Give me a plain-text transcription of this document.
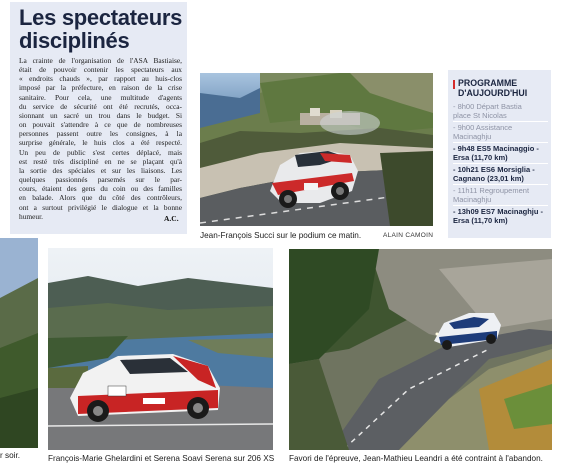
r soir.
Les spectateurs
disciplinés
La crainte de l'organisation de l'ASA Bastiaise,
était de pouvoir contenir les spectateurs aux
« endroits chauds », par rapport au huis-clos
imposé par la préfecture, en raison de la crise
sanitaire. Pour cela, une multitude d'agents
du service de sécurité ont été recrutés, occa-
sionnant un sacré un trou dans le budget. Si
on pouvait s'attendre à ce que de nombreuses
personnes passent outre les consignes, à la
surprise générale, le huis clos a été respecté.
Un peu de public s'est certes déplacé, mais
est resté très discipliné en ne se plaçant qu'à
la sortie des spéciales et sur les liaisons. Les
quelques passionnés parsemés sur le par-
cours, étaient des gens du coin ou des familles
en balade. Alors que du côté des contrôleurs,
ont a surtout privilégié le dialogue et la bonne
humeur.	A.C.
Jean-François Succi sur le podium ce matin.	ALAIN CAMOIN
PROGRAMME
D'AUJOURD'HUI
- 8h00 Départ Bastia
place St Nicolas
- 9h00 Assistance
Macinaghju
- 9h48 ES5 Macinaggio -
Ersa (11,70 km)
- 10h21 ES6 Morsiglia -
Cagnano (23,01 km)
- 11h11 Regroupement
Macinaghju
- 13h09 ES7 Macinaghju -
Ersa (11,70 km)
François-Marie Ghelardini et Serena Soavi Serena sur 206 XS Favori de l'épreuve, Jean-Mathieu Leandri a été contraint à l'abandon.
